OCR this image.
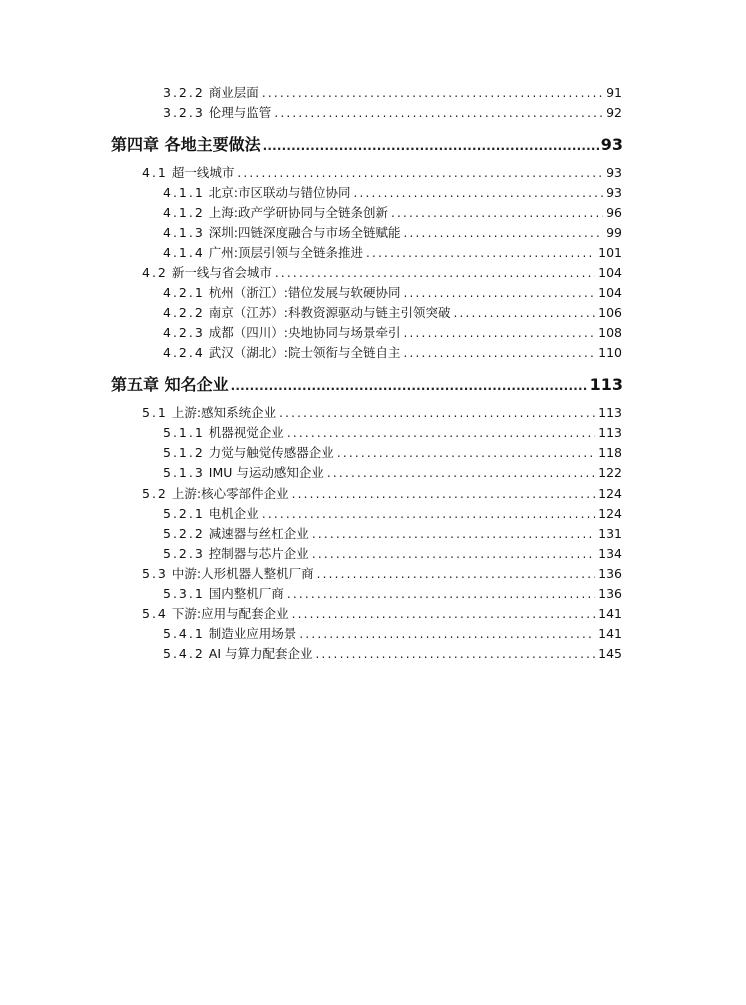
3.2.2 商业层面 .....	91
3.2.3 伦理与监管 .....	92
第四章 各地主要做法 .....	93
4.1 超一线城市 .....	93
4.1.1 北京:市区联动与错位协同 .....	93
4.1.2 上海:政产学研协同与全链条创新 .....	96
4.1.3 深圳:四链深度融合与市场全链赋能 .....	99
4.1.4 广州:顶层引领与全链条推进 .....	101
4.2 新一线与省会城市 .....	104
4.2.1 杭州（浙江）:错位发展与软硬协同 .....	104
4.2.2 南京（江苏）:科教资源驱动与链主引领突破 .....	106
4.2.3 成都（四川）:央地协同与场景牵引 .....	108
4.2.4 武汉（湖北）:院士领衔与全链自主 .....	110
第五章 知名企业 .....	113
5.1 上游:感知系统企业 .....	113
5.1.1 机器视觉企业 .....	113
5.1.2 力觉与触觉传感器企业 .....	118
5.1.3 IMU 与运动感知企业 .....	122
5.2 上游:核心零部件企业 .....	124
5.2.1 电机企业 .....	124
5.2.2 减速器与丝杠企业 .....	131
5.2.3 控制器与芯片企业 .....	134
5.3 中游:人形机器人整机厂商 .....	136
5.3.1 国内整机厂商 .....	136
5.4 下游:应用与配套企业 .....	141
5.4.1 制造业应用场景 .....	141
5.4.2 AI 与算力配套企业 .....	145
